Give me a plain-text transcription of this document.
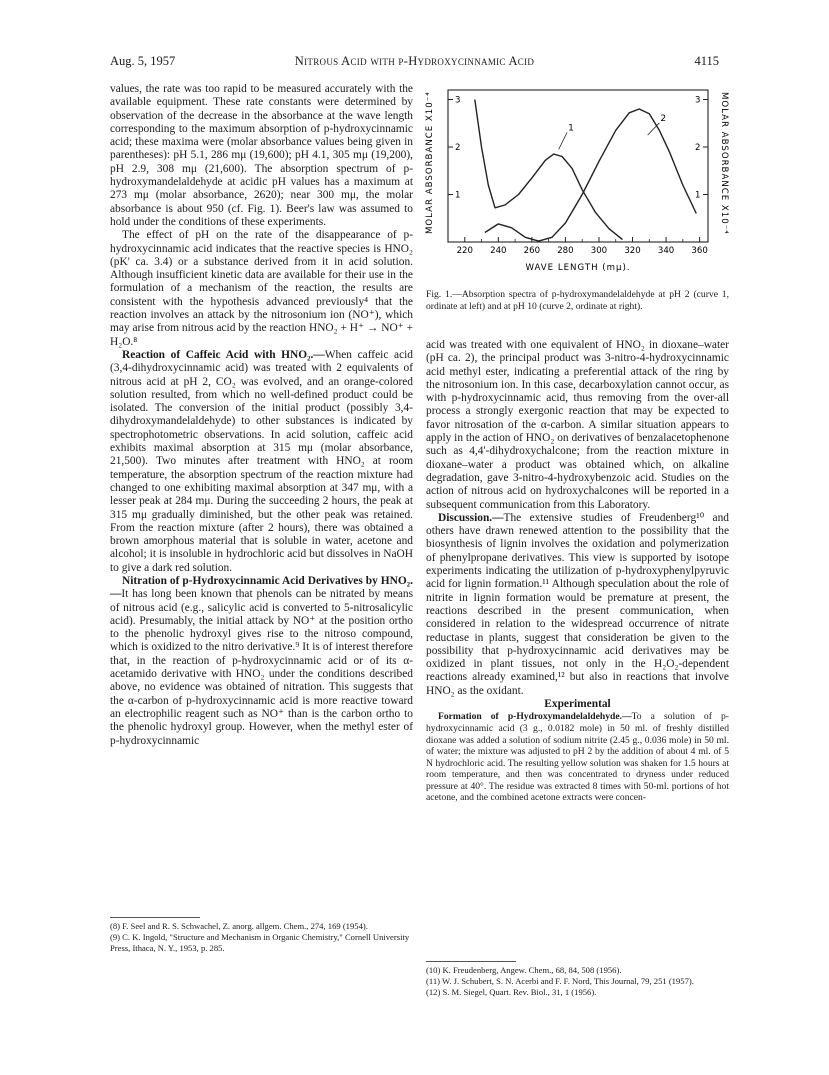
Aug. 5, 1957	Nitrous Acid with p-Hydroxycinnamic Acid	4115

values, the rate was too rapid to be measured accurately with the available equipment. These rate constants were determined by observation of the decrease in the absorbance at the wave length corresponding to the maximum absorption of p-hydroxycinnamic acid; these maxima were (molar absorbance values being given in parentheses): pH 5.1, 286 mμ (19,600); pH 4.1, 305 mμ (19,200), pH 2.9, 308 mμ (21,600). The absorption spectrum of p-hydroxymandelaldehyde at acidic pH values has a maximum at 273 mμ (molar absorbance, 2620); near 300 mμ, the molar absorbance is about 950 (cf. Fig. 1). Beer's law was assumed to hold under the conditions of these experiments.

The effect of pH on the rate of the disappearance of p-hydroxycinnamic acid indicates that the reactive species is HNO₂ (pK' ca. 3.4) or a substance derived from it in acid solution. Although insufficient kinetic data are available for their use in the formulation of a mechanism of the reaction, the results are consistent with the hypothesis advanced previously⁴ that the reaction involves an attack by the nitrosonium ion (NO⁺), which may arise from nitrous acid by the reaction HNO₂ + H⁺ → NO⁺ + H₂O.⁸

Reaction of Caffeic Acid with HNO₂.—When caffeic acid (3,4-dihydroxycinnamic acid) was treated with 2 equivalents of nitrous acid at pH 2, CO₂ was evolved, and an orange-colored solution resulted, from which no well-defined product could be isolated. The conversion of the initial product (possibly 3,4-dihydroxymandelaldehyde) to other substances is indicated by spectrophotometric observations. In acid solution, caffeic acid exhibits maximal absorption at 315 mμ (molar absorbance, 21,500). Two minutes after treatment with HNO₂ at room temperature, the absorption spectrum of the reaction mixture had changed to one exhibiting maximal absorption at 347 mμ, with a lesser peak at 284 mμ. During the succeeding 2 hours, the peak at 315 mμ gradually diminished, but the other peak was retained. From the reaction mixture (after 2 hours), there was obtained a brown amorphous material that is soluble in water, acetone and alcohol; it is insoluble in hydrochloric acid but dissolves in NaOH to give a dark red solution.

Nitration of p-Hydroxycinnamic Acid Derivatives by HNO₂.—It has long been known that phenols can be nitrated by means of nitrous acid (e.g., salicylic acid is converted to 5-nitrosalicylic acid). Presumably, the initial attack by NO⁺ at the position ortho to the phenolic hydroxyl gives rise to the nitroso compound, which is oxidized to the nitro derivative.⁹ It is of interest therefore that, in the reaction of p-hydroxycinnamic acid or of its α-acetamido derivative with HNO₂ under the conditions described above, no evidence was obtained of nitration. This suggests that the α-carbon of p-hydroxycinnamic acid is more reactive toward an electrophilic reagent such as NO⁺ than is the carbon ortho to the phenolic hydroxyl group. However, when the methyl ester of p-hydroxycinnamic

220 240 260 280 300 320 340 360
1	1
2	2
3	3
1
2
MOLAR ABSORBANCE X10⁻⁴	MOLAR ABSORBANCE X10⁻⁴
WAVE LENGTH (mμ).
Fig. 1.—Absorption spectra of p-hydroxymandelaldehyde at pH 2 (curve 1, ordinate at left) and at pH 10 (curve 2, ordinate at right).

acid was treated with one equivalent of HNO₂ in dioxane–water (pH ca. 2), the principal product was 3-nitro-4-hydroxycinnamic acid methyl ester, indicating a preferential attack of the ring by the nitrosonium ion. In this case, decarboxylation cannot occur, as with p-hydroxycinnamic acid, thus removing from the over-all process a strongly exergonic reaction that may be expected to favor nitrosation of the α-carbon. A similar situation appears to apply in the action of HNO₂ on derivatives of benzalacetophenone such as 4,4'-dihydroxychalcone; from the reaction mixture in dioxane–water a product was obtained which, on alkaline degradation, gave 3-nitro-4-hydroxybenzoic acid. Studies on the action of nitrous acid on hydroxychalcones will be reported in a subsequent communication from this Laboratory.

Discussion.—The extensive studies of Freudenberg¹⁰ and others have drawn renewed attention to the possibility that the biosynthesis of lignin involves the oxidation and polymerization of phenylpropane derivatives. This view is supported by isotope experiments indicating the utilization of p-hydroxyphenylpyruvic acid for lignin formation.¹¹ Although speculation about the role of nitrite in lignin formation would be premature at present, the reactions described in the present communication, when considered in relation to the widespread occurrence of nitrate reductase in plants, suggest that consideration be given to the possibility that p-hydroxycinnamic acid derivatives may be oxidized in plant tissues, not only in the H₂O₂-dependent reactions already examined,¹² but also in reactions that involve HNO₂ as the oxidant.

Experimental

Formation of p-Hydroxymandelaldehyde.—To a solution of p-hydroxycinnamic acid (3 g., 0.0182 mole) in 50 ml. of freshly distilled dioxane was added a solution of sodium nitrite (2.45 g., 0.036 mole) in 50 ml. of water; the mixture was adjusted to pH 2 by the addition of about 4 ml. of 5 N hydrochloric acid. The resulting yellow solution was shaken for 1.5 hours at room temperature, and then was concentrated to dryness under reduced pressure at 40°. The residue was extracted 8 times with 50-ml. portions of hot acetone, and the combined acetone extracts were concen-

(8) F. Seel and R. S. Schwachel, Z. anorg. allgem. Chem., 274, 169 (1954).
(9) C. K. Ingold, "Structure and Mechanism in Organic Chemistry," Cornell University Press, Ithaca, N. Y., 1953, p. 285.
(10) K. Freudenberg, Angew. Chem., 68, 84, 508 (1956).
(11) W. J. Schubert, S. N. Acerbi and F. F. Nord, This Journal, 79, 251 (1957).
(12) S. M. Siegel, Quart. Rev. Biol., 31, 1 (1956).
